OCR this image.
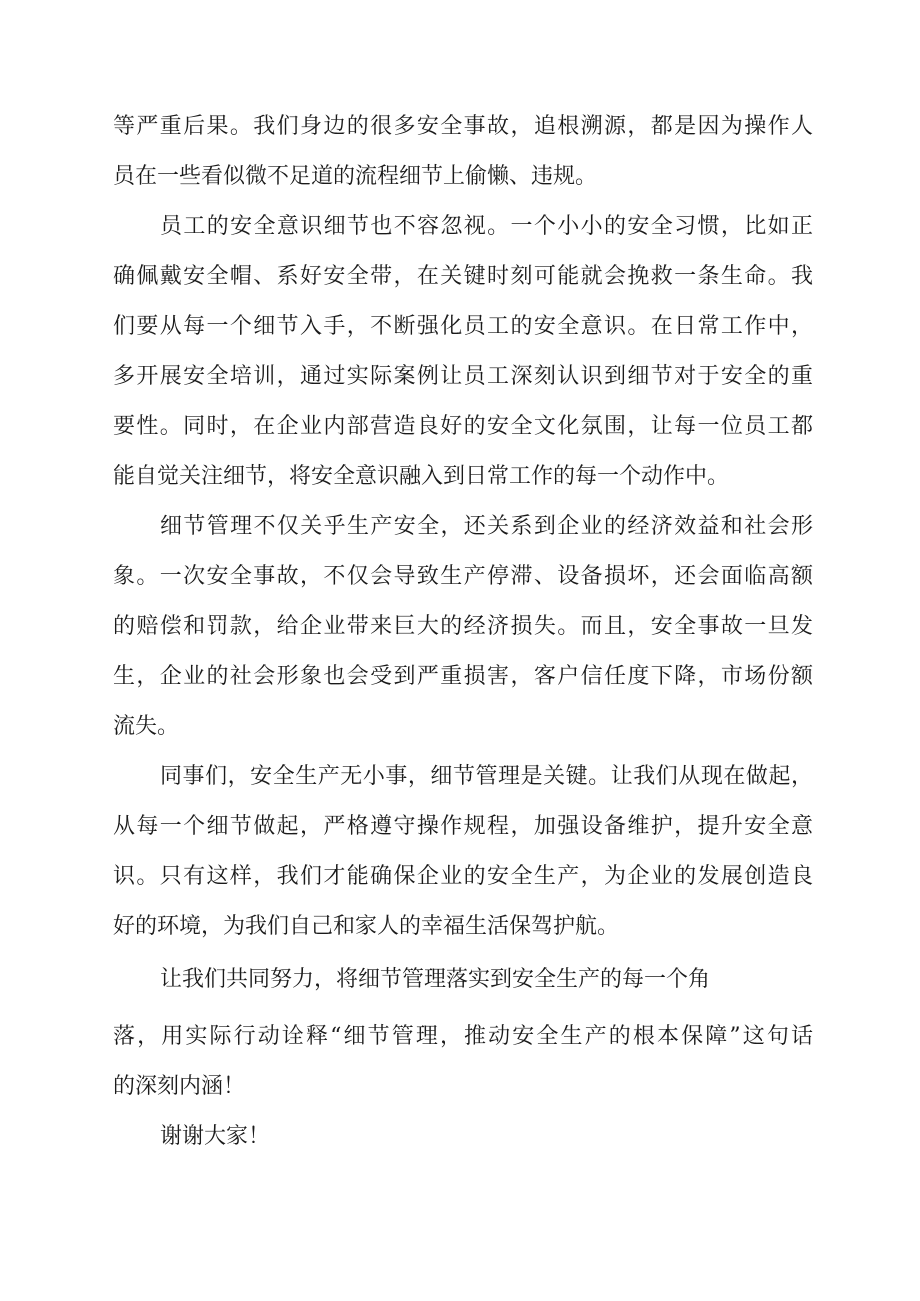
等严重后果。我们身边的很多安全事故，追根溯源，都是因为操作人
员在一些看似微不足道的流程细节上偷懒、违规。
员工的安全意识细节也不容忽视。一个小小的安全习惯，比如正
确佩戴安全帽、系好安全带，在关键时刻可能就会挽救一条生命。我
们要从每一个细节入手，不断强化员工的安全意识。在日常工作中，
多开展安全培训，通过实际案例让员工深刻认识到细节对于安全的重
要性。同时，在企业内部营造良好的安全文化氛围，让每一位员工都
能自觉关注细节，将安全意识融入到日常工作的每一个动作中。
细节管理不仅关乎生产安全，还关系到企业的经济效益和社会形
象。一次安全事故，不仅会导致生产停滞、设备损坏，还会面临高额
的赔偿和罚款，给企业带来巨大的经济损失。而且，安全事故一旦发
生，企业的社会形象也会受到严重损害，客户信任度下降，市场份额
流失。
同事们，安全生产无小事，细节管理是关键。让我们从现在做起，
从每一个细节做起，严格遵守操作规程，加强设备维护，提升安全意
识。只有这样，我们才能确保企业的安全生产，为企业的发展创造良
好的环境，为我们自己和家人的幸福生活保驾护航。
让我们共同努力，将细节管理落实到安全生产的每一个角
落，用实际行动诠释“细节管理，推动安全生产的根本保障”这句话
的深刻内涵！
谢谢大家！
